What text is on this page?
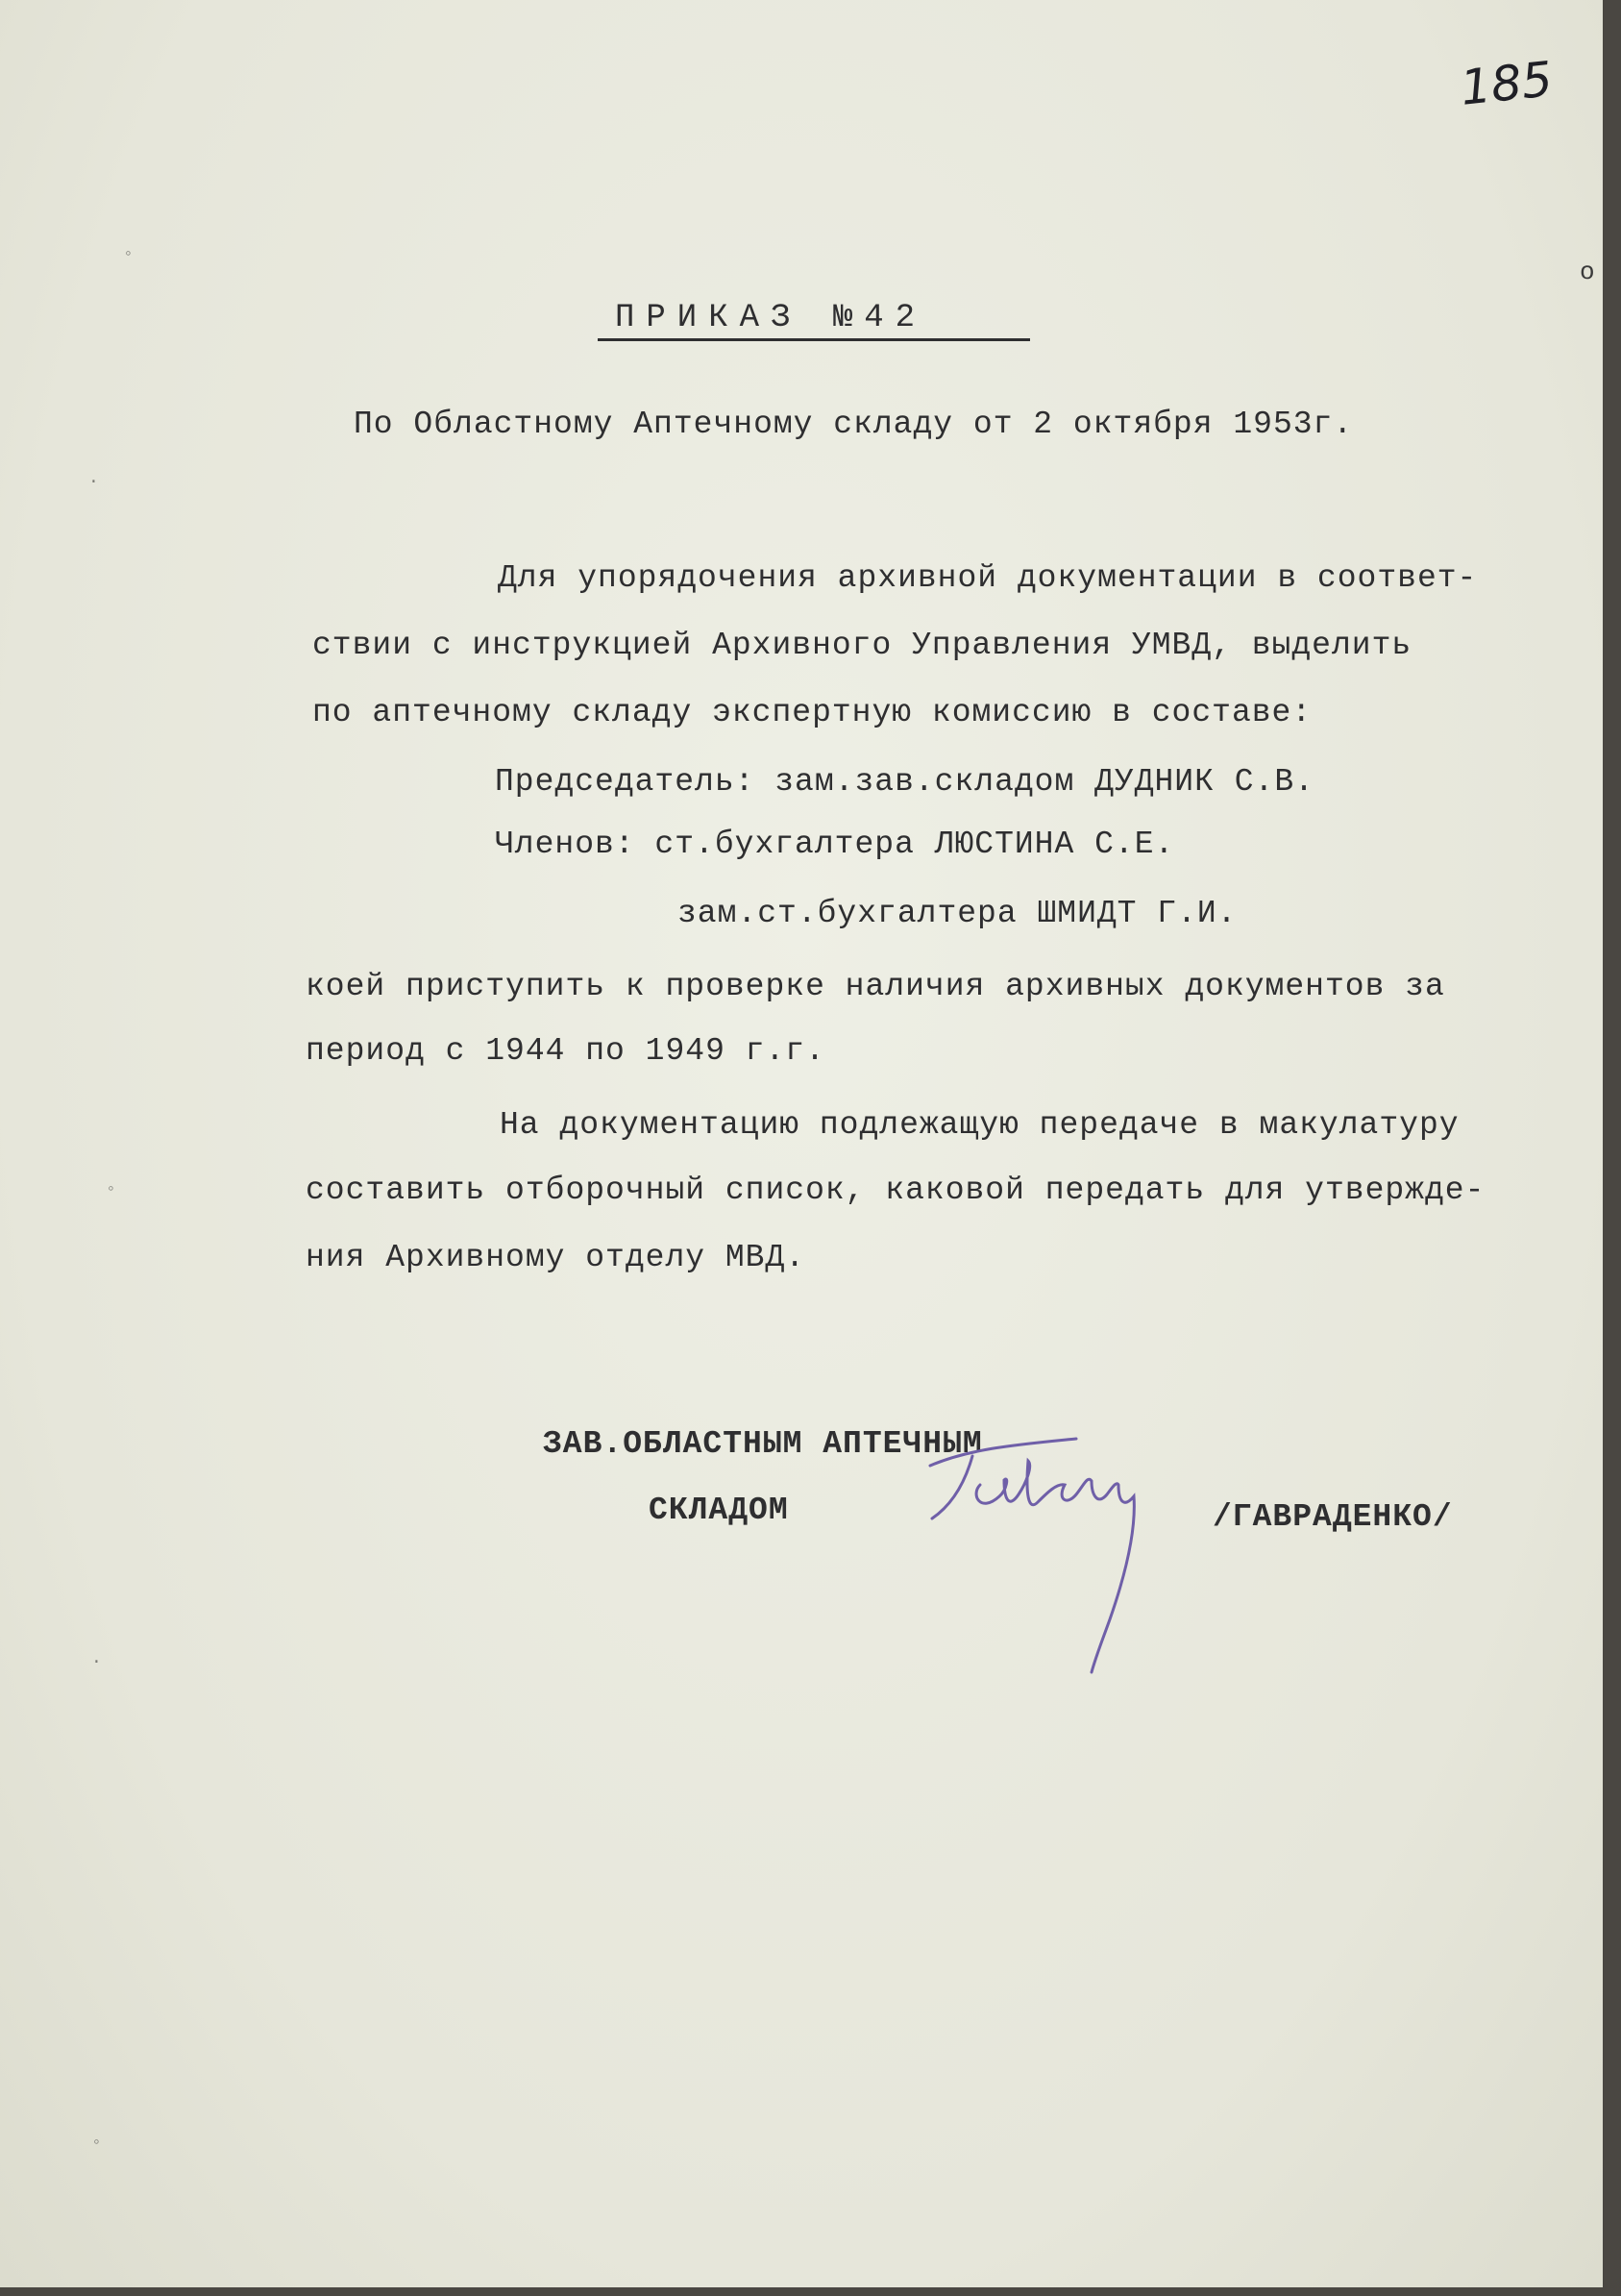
185
ПРИКАЗ №42
По Областному Аптечному складу от 2 октября 1953г.
Для упорядочения архивной документации в соответ-
ствии с инструкцией Архивного Управления УМВД, выделить
по аптечному складу экспертную комиссию в составе:
Председатель: зам.зав.складом ДУДНИК С.В.
Членов: ст.бухгалтера ЛЮСТИНА С.Е.
зам.ст.бухгалтера ШМИДТ Г.И.
коей приступить к проверке наличия архивных документов за
период с 1944 по 1949 г.г.
На документацию подлежащую передаче в макулатуру
составить отборочный список, каковой передать для утвержде-
ния Архивному отделу МВД.
ЗАВ.ОБЛАСТНЫМ АПТЕЧНЫМ
СКЛАДОМ	/ГАВРАДЕНКО/
◦
·
◦
·
◦
o
